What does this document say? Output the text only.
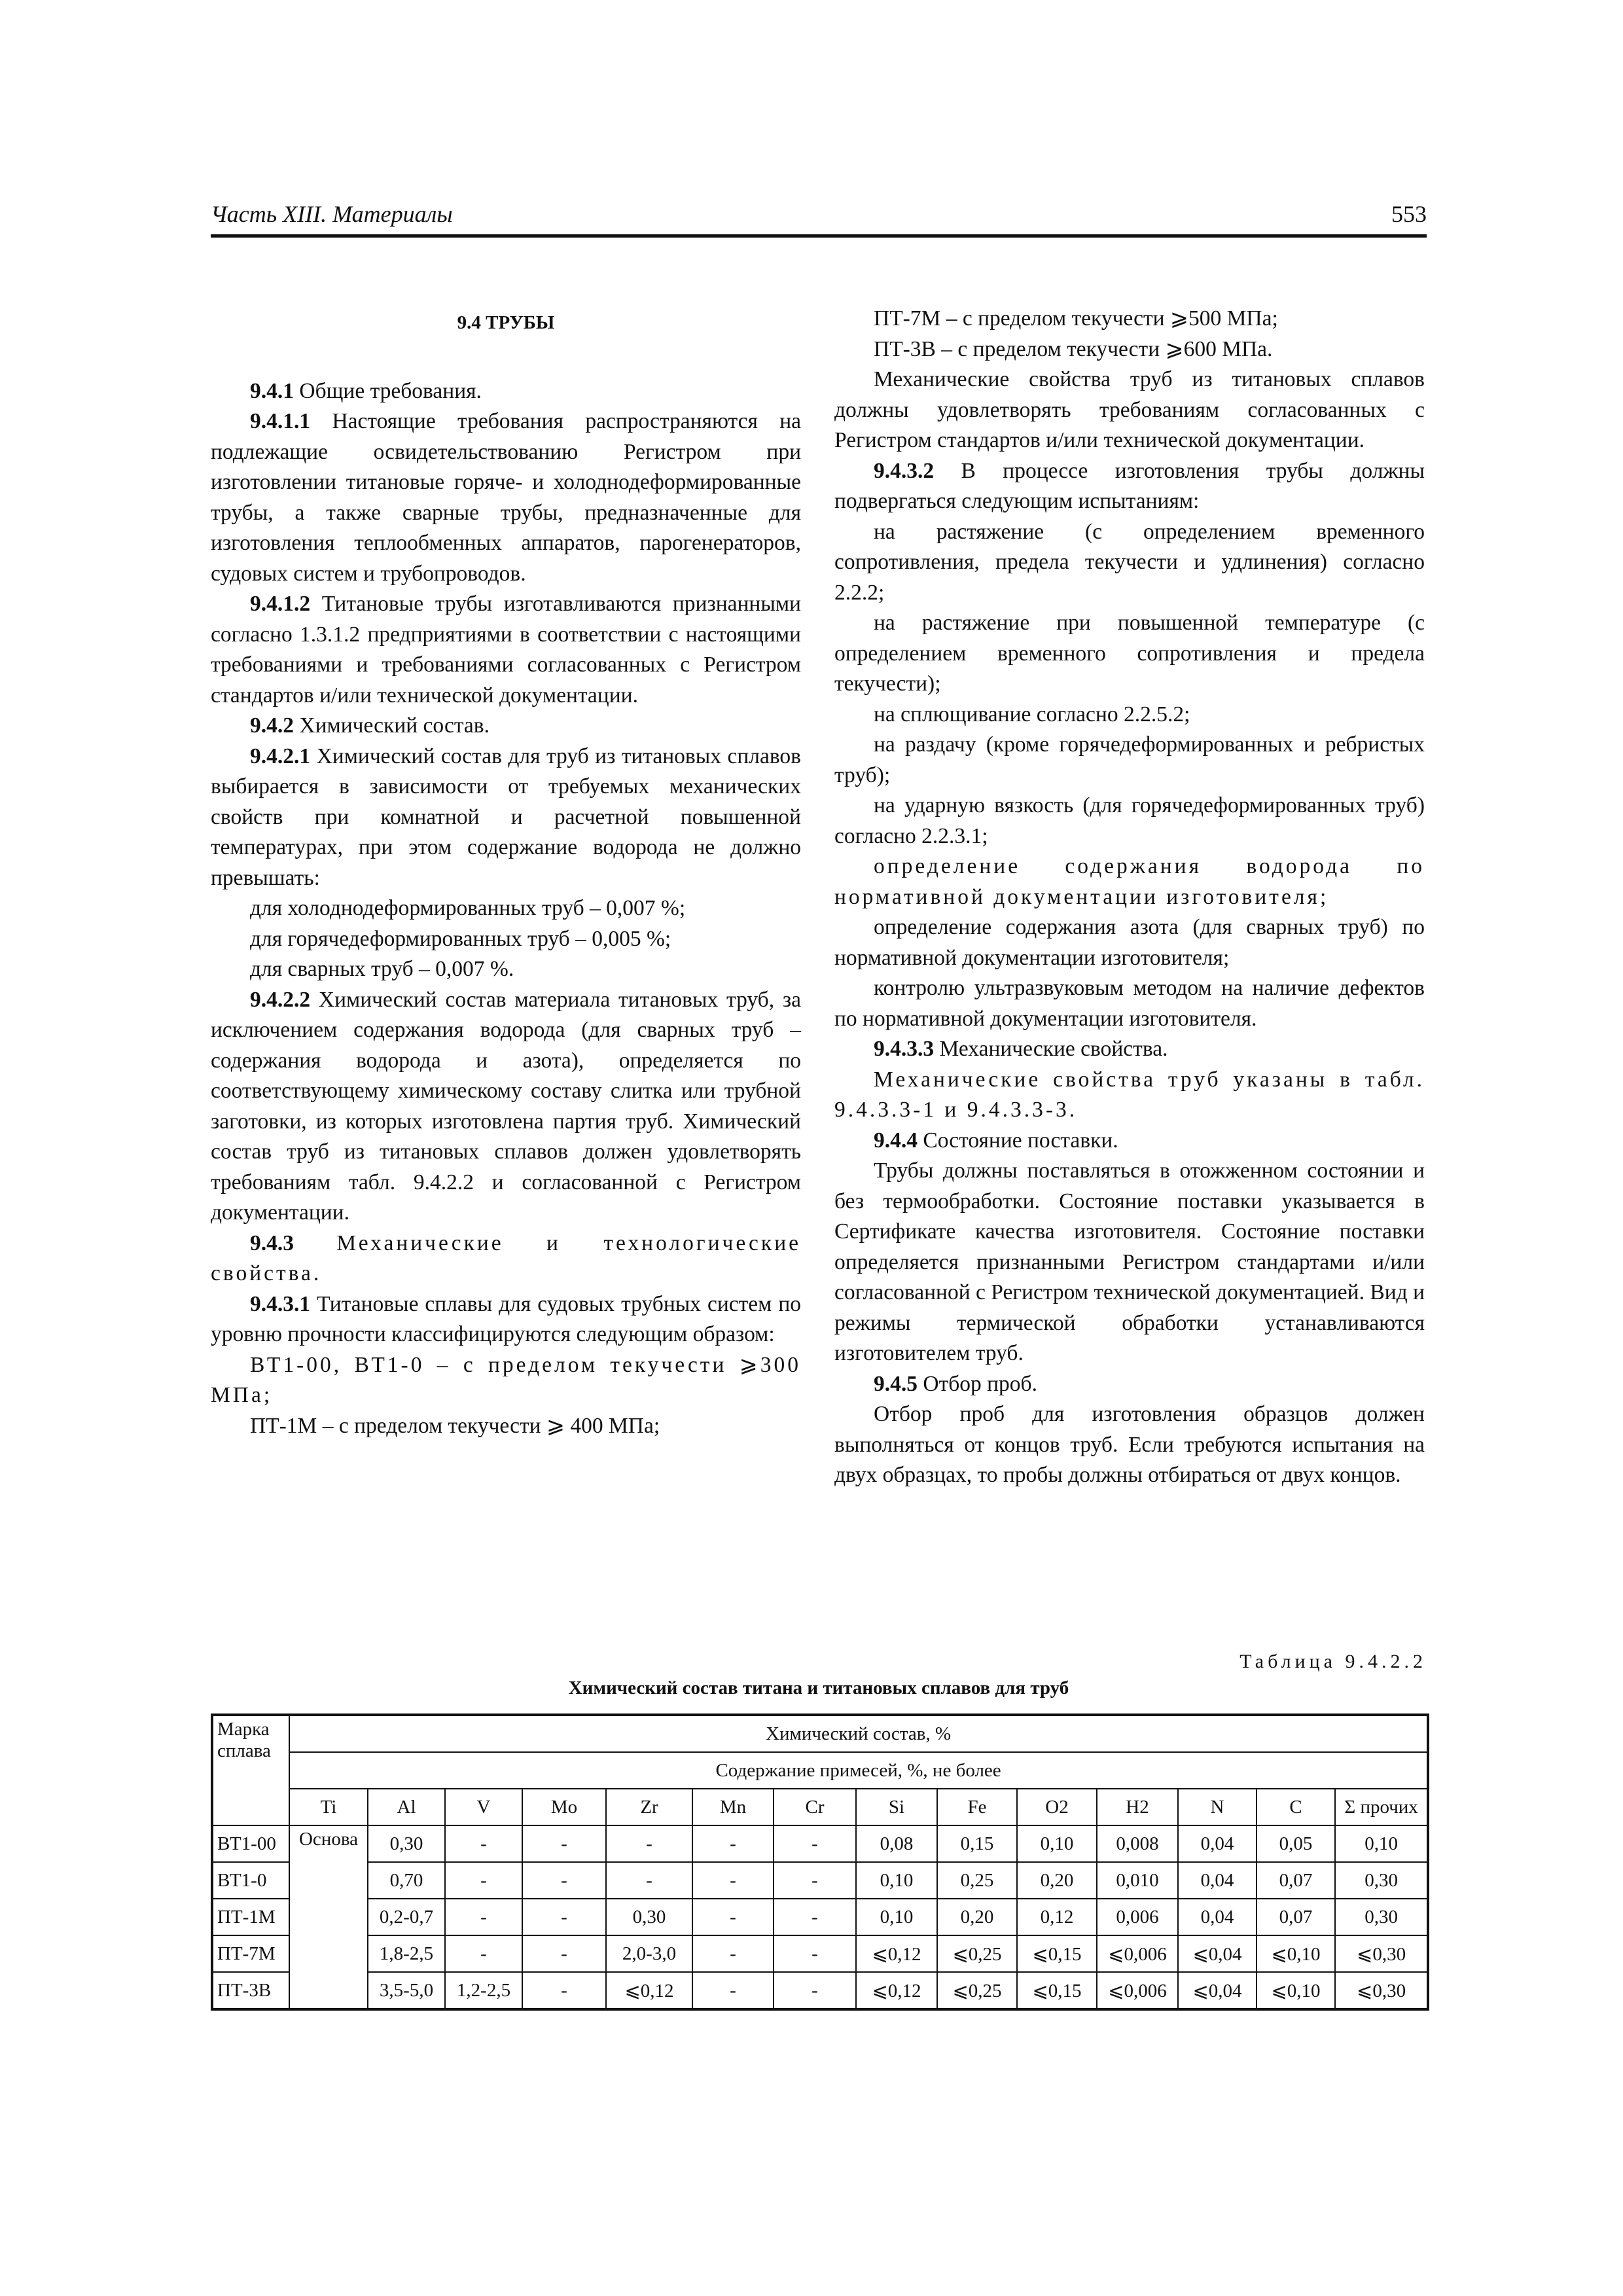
Часть XIII. Материалы	553

9.4 ТРУБЫ

9.4.1 Общие требования.

9.4.1.1 Настоящие требования распространяются на подлежащие освидетельствованию Регистром при изготовлении титановые горяче- и холоднодеформированные трубы, а также сварные трубы, предназначенные для изготовления теплообменных аппаратов, парогенераторов, судовых систем и трубопроводов.

9.4.1.2 Титановые трубы изготавливаются признанными согласно 1.3.1.2 предприятиями в соответствии с настоящими требованиями и требованиями согласованных с Регистром стандартов и/или технической документации.

9.4.2 Химический состав.

9.4.2.1 Химический состав для труб из титановых сплавов выбирается в зависимости от требуемых механических свойств при комнатной и расчетной повышенной температурах, при этом содержание водорода не должно превышать:

для холоднодеформированных труб – 0,007 %;

для горячедеформированных труб – 0,005 %;

для сварных труб – 0,007 %.

9.4.2.2 Химический состав материала титановых труб, за исключением содержания водорода (для сварных труб – содержания водорода и азота), определяется по соответствующему химическому составу слитка или трубной заготовки, из которых изготовлена партия труб. Химический состав труб из титановых сплавов должен удовлетворять требованиям табл. 9.4.2.2 и согласованной с Регистром документации.

9.4.3 Механические и технологические свойства.

9.4.3.1 Титановые сплавы для судовых трубных систем по уровню прочности классифицируются следующим образом:

ВТ1-00, ВТ1-0 – с пределом текучести ⩾300 МПа;

ПТ-1М – с пределом текучести ⩾ 400 МПа;

ПТ-7М – с пределом текучести ⩾500 МПа;

ПТ-3В – с пределом текучести ⩾600 МПа.

Механические свойства труб из титановых сплавов должны удовлетворять требованиям согласованных с Регистром стандартов и/или технической документации.

9.4.3.2 В процессе изготовления трубы должны подвергаться следующим испытаниям:

на растяжение (с определением временного сопротивления, предела текучести и удлинения) согласно 2.2.2;

на растяжение при повышенной температуре (с определением временного сопротивления и предела текучести);

на сплющивание согласно 2.2.5.2;

на раздачу (кроме горячедеформированных и ребристых труб);

на ударную вязкость (для горячедеформированных труб) согласно 2.2.3.1;

определение содержания водорода по нормативной документации изготовителя;

определение содержания азота (для сварных труб) по нормативной документации изготовителя;

контролю ультразвуковым методом на наличие дефектов по нормативной документации изготовителя.

9.4.3.3 Механические свойства.

Механические свойства труб указаны в табл. 9.4.3.3-1 и 9.4.3.3-3.

9.4.4 Состояние поставки.

Трубы должны поставляться в отожженном состоянии и без термообработки. Состояние поставки указывается в Сертификате качества изготовителя. Состояние поставки определяется признанными Регистром стандартами и/или согласованной с Регистром технической документацией. Вид и режимы термической обработки устанавливаются изготовителем труб.

9.4.5 Отбор проб.

Отбор проб для изготовления образцов должен выполняться от концов труб. Если требуются испытания на двух образцах, то пробы должны отбираться от двух концов.

Таблица 9.4.2.2
Химический состав титана и титановых сплавов для труб
Марка сплава	Химический состав, %													
	Содержание примесей, %, не более													
	Ti	Al	V	Mo	Zr	Mn	Cr	Si	Fe	O2	H2	N	C	Σ прочих
ВТ1-00	Основа	0,30	-	-	-	-	-	0,08	0,15	0,10	0,008	0,04	0,05	0,10
ВТ1-0		0,70	-	-	-	-	-	0,10	0,25	0,20	0,010	0,04	0,07	0,30
ПТ-1М		0,2-0,7	-	-	0,30	-	-	0,10	0,20	0,12	0,006	0,04	0,07	0,30
ПТ-7М		1,8-2,5	-	-	2,0-3,0	-	-	⩽0,12	⩽0,25	⩽0,15	⩽0,006	⩽0,04	⩽0,10	⩽0,30
ПТ-3В		3,5-5,0	1,2-2,5	-	⩽0,12	-	-	⩽0,12	⩽0,25	⩽0,15	⩽0,006	⩽0,04	⩽0,10	⩽0,30
